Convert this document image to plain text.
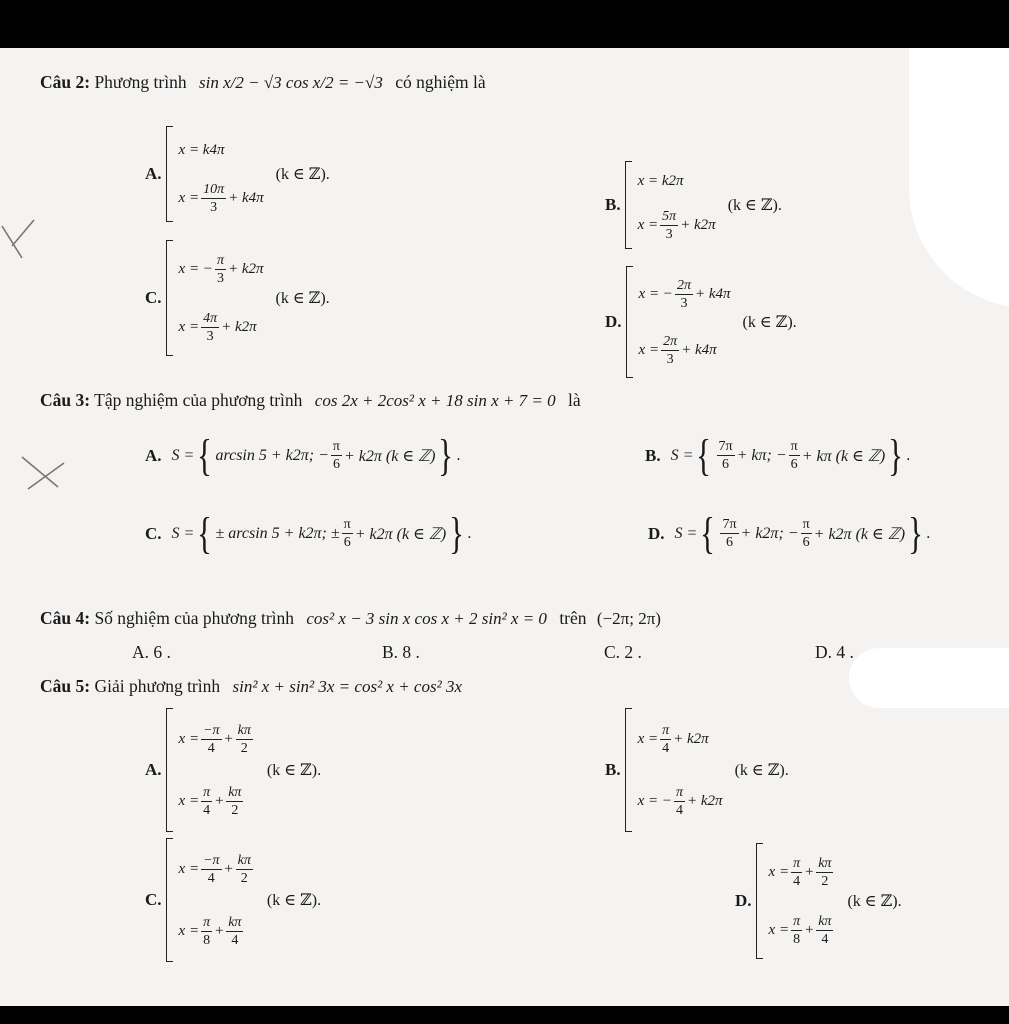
Câu 2: Phương trình sin x/2 − √3 cos x/2 = −√3 có nghiệm là
A.
x = k4π
$x = \frac{10\pi}{3} + k4\pi$
(k ∈ ℤ).
B.
x = k2π
$x = \frac{5\pi}{3} + k2\pi$
(k ∈ ℤ).
C.
x = − $\frac{\pi}{3} + k2\pi$
$x = \frac{4\pi}{3} + k2\pi$
(k ∈ ℤ).
D.
x = − $\frac{2\pi}{3} + k4\pi$
$x = \frac{2\pi}{3} + k4\pi$
(k ∈ ℤ).
Câu 3: Tập nghiệm của phương trình cos 2x + 2cos² x + 18 sin x + 7 = 0 là
A. S = { arcsin 5 + k2π; − $\frac{\pi}{6} + k2\pi$ (k ∈ ℤ) } .	B. S = { $\frac{7\pi}{6} + k\pi$; − $\frac{\pi}{6} + k\pi$ (k ∈ ℤ) } .
C. S = { ± arcsin 5 + k2π; ± $\frac{\pi}{6} + k2\pi$ (k ∈ ℤ) } .	D. S = { $\frac{7\pi}{6} + k2\pi$; − $\frac{\pi}{6} + k2\pi$ (k ∈ ℤ) } .
Câu 4: Số nghiệm của phương trình cos² x − 3 sin x cos x + 2 sin² x = 0 trên (−2π; 2π)
A. 6 .	B. 8 .	C. 2 .	D. 4 .
Câu 5: Giải phương trình sin² x + sin² 3x = cos² x + cos² 3x
A.
$x = \frac{-\pi}{4} + \frac{k\pi}{2}$
$x = \frac{\pi}{4} + \frac{k\pi}{2}$
(k ∈ ℤ).	B.
$x = \frac{\pi}{4} + k2\pi$
x = − $\frac{\pi}{4} + k2\pi$
(k ∈ ℤ).
C.
$x = \frac{-\pi}{4} + \frac{k\pi}{2}$
$x = \frac{\pi}{8} + \frac{k\pi}{4}$
(k ∈ ℤ).	D.
$x = \frac{\pi}{4} + \frac{k\pi}{2}$
$x = \frac{\pi}{8} + \frac{k\pi}{4}$
(k ∈ ℤ).
